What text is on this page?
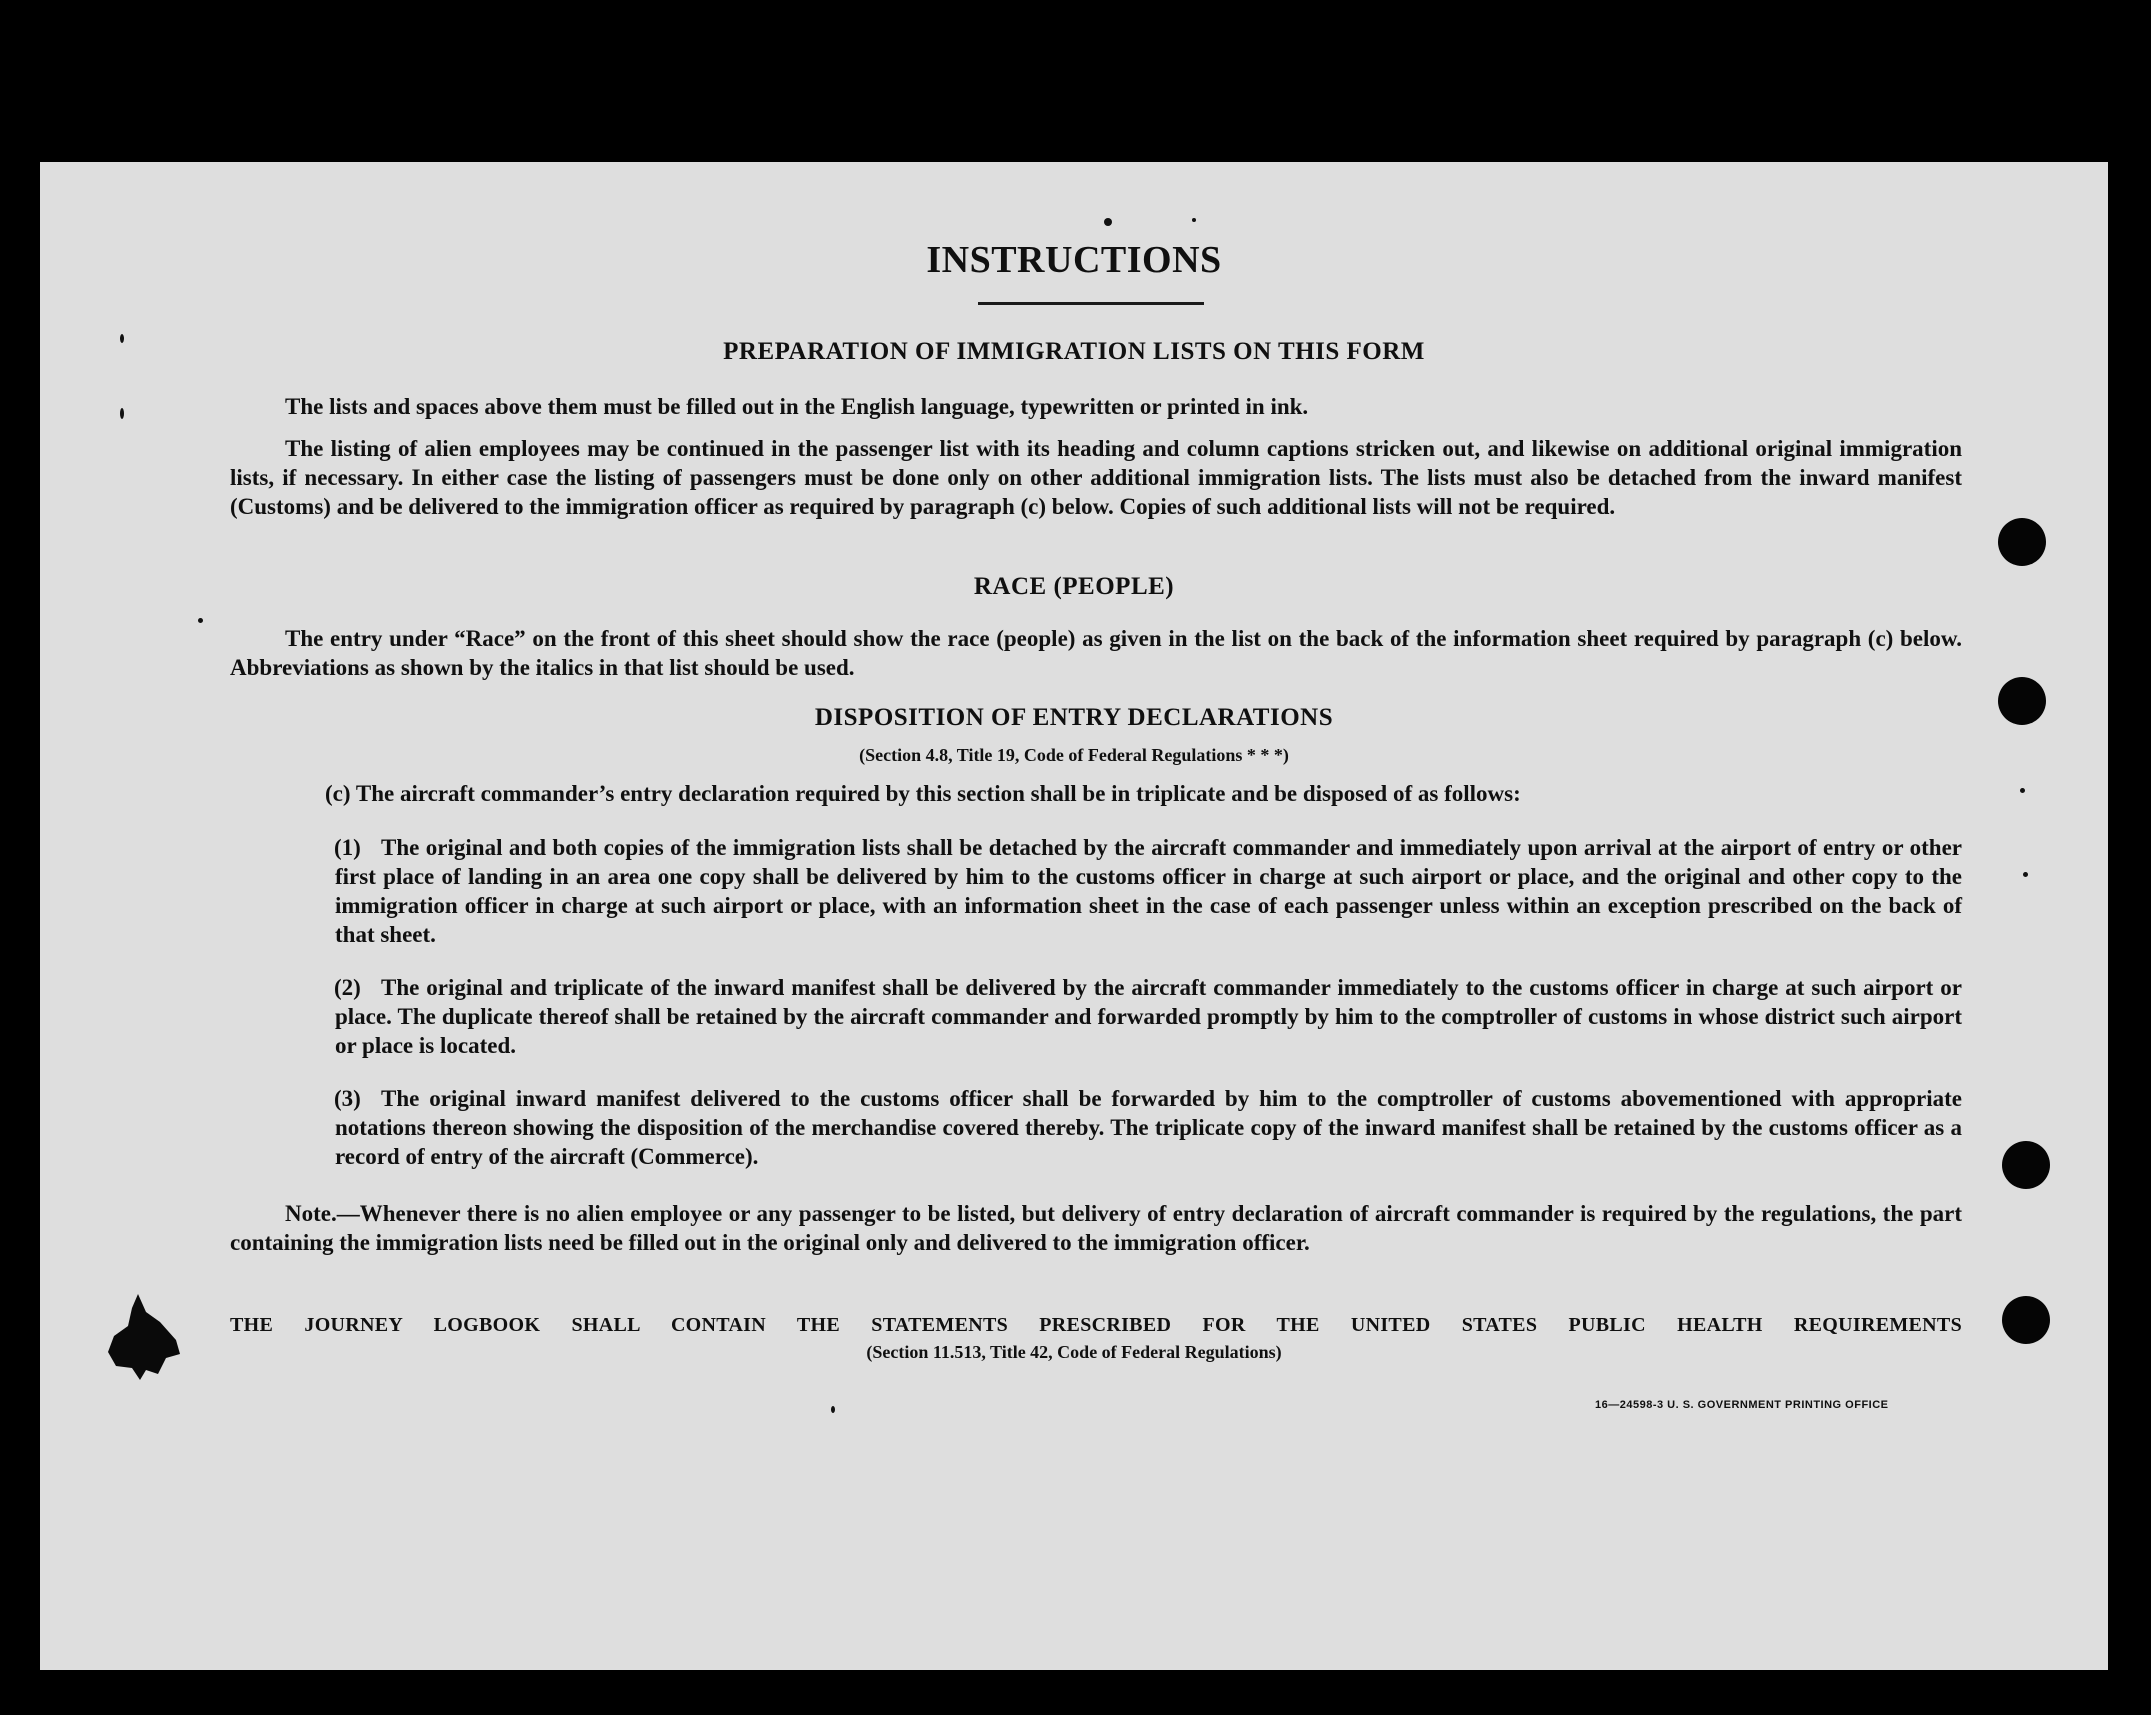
INSTRUCTIONS
PREPARATION OF IMMIGRATION LISTS ON THIS FORM
The lists and spaces above them must be filled out in the English language, typewritten or printed in ink.
The listing of alien employees may be continued in the passenger list with its heading and column captions stricken out, and likewise on additional original immigration lists, if necessary. In either case the listing of passengers must be done only on other additional immigration lists. The lists must also be detached from the inward manifest (Customs) and be delivered to the immigration officer as required by paragraph (c) below. Copies of such additional lists will not be required.
RACE (PEOPLE)
The entry under “Race” on the front of this sheet should show the race (people) as given in the list on the back of the information sheet required by paragraph (c) below. Abbreviations as shown by the italics in that list should be used.
DISPOSITION OF ENTRY DECLARATIONS
(Section 4.8, Title 19, Code of Federal Regulations * * *)
(c) The aircraft commander’s entry declaration required by this section shall be in triplicate and be disposed of as follows:
The original and both copies of the immigration lists shall be detached by the aircraft commander and immediately upon arrival at the airport of entry or other first place of landing in an area one copy shall be delivered by him to the customs officer in charge at such airport or place, and the original and other copy to the immigration officer in charge at such airport or place, with an information sheet in the case of each passenger unless within an exception prescribed on the back of that sheet.
(1)
The original and triplicate of the inward manifest shall be delivered by the aircraft commander immediately to the customs officer in charge at such airport or place. The duplicate thereof shall be retained by the aircraft commander and forwarded promptly by him to the comptroller of customs in whose district such airport or place is located.
(2)
The original inward manifest delivered to the customs officer shall be forwarded by him to the comptroller of customs abovementioned with appropriate notations thereon showing the disposition of the merchandise covered thereby. The triplicate copy of the inward manifest shall be retained by the customs officer as a record of entry of the aircraft (Commerce).
(3)
Note.—Whenever there is no alien employee or any passenger to be listed, but delivery of entry declaration of aircraft commander is required by the regulations, the part containing the immigration lists need be filled out in the original only and delivered to the immigration officer.
THE JOURNEY LOGBOOK SHALL CONTAIN THE STATEMENTS PRESCRIBED FOR THE UNITED STATES PUBLIC HEALTH REQUIREMENTS
(Section 11.513, Title 42, Code of Federal Regulations)
16—24598-3 U. S. GOVERNMENT PRINTING OFFICE
